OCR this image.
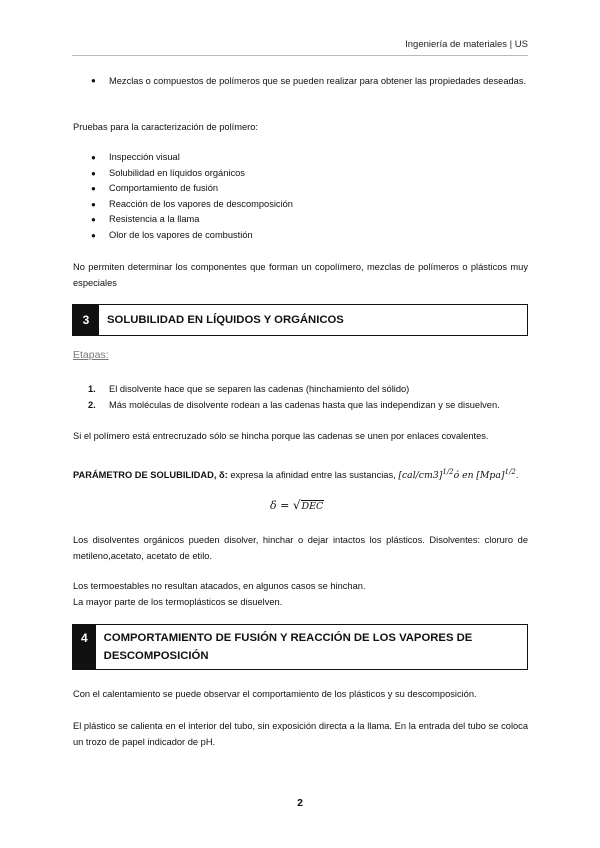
Ingeniería de materiales | US
● Mezclas o compuestos de polímeros que se pueden realizar para obtener las propiedades deseadas.
Pruebas para la caracterización de polímero:
● Inspección visual
● Solubilidad en líquidos orgánicos
● Comportamiento de fusión
● Reacción de los vapores de descomposición
● Resistencia a la llama
● Olor de los vapores de combustión
No permiten determinar los componentes que forman un copolímero, mezclas de polímeros o plásticos muy especiales
3	SOLUBILIDAD EN LÍQUIDOS Y ORGÁNICOS
Etapas:
1. El disolvente hace que se separen las cadenas (hinchamiento del sólido)
2. Más moléculas de disolvente rodean a las cadenas hasta que las independizan y se disuelven.
Si el polímero está entrecruzado sólo se hincha porque las cadenas se unen por enlaces covalentes.
PARÁMETRO DE SOLUBILIDAD, δ: expresa la afinidad entre las sustancias, $[cal/cm3]^{1/2}ó$ en [Mpa]$^{1/2}$.
δ = √DEC
Los disolventes orgánicos pueden disolver, hinchar o dejar intactos los plásticos. Disolventes: cloruro de metileno,acetato, acetato de etilo.
Los termoestables no resultan atacados, en algunos casos se hinchan.
La mayor parte de los termoplásticos se disuelven.
4	COMPORTAMIENTO DE FUSIÓN Y REACCIÓN DE LOS VAPORES DE DESCOMPOSICIÓN
Con el calentamiento se puede observar el comportamiento de los plásticos y su descomposición.
El plástico se calienta en el interior del tubo, sin exposición directa a la llama. En la entrada del tubo se coloca un trozo de papel indicador de pH.
2
